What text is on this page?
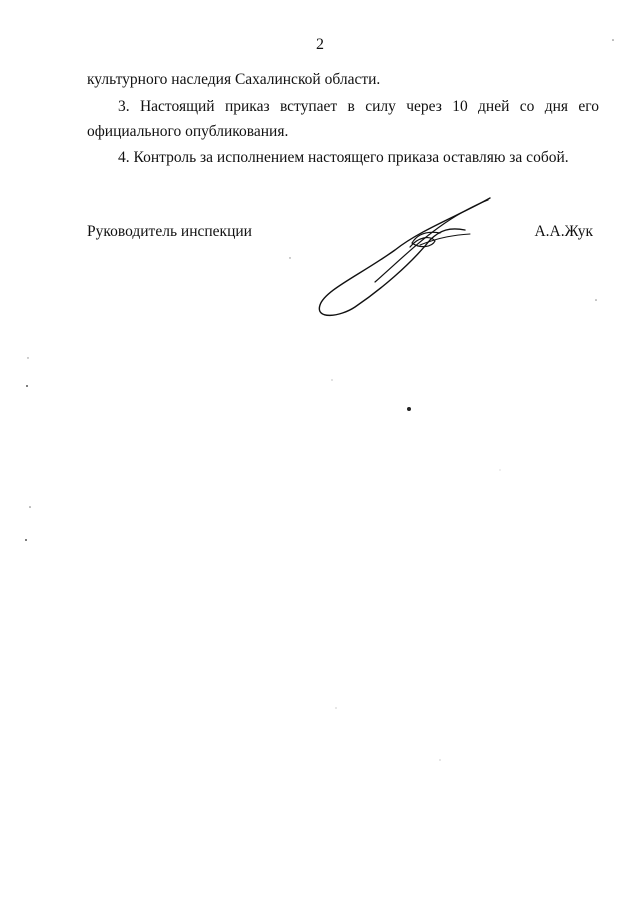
2
культурного наследия Сахалинской области.
3. Настоящий приказ вступает в силу через 10 дней со дня его
официального опубликования.
4. Контроль за исполнением настоящего приказа оставляю за собой.
Руководитель инспекции	А.А.Жук
